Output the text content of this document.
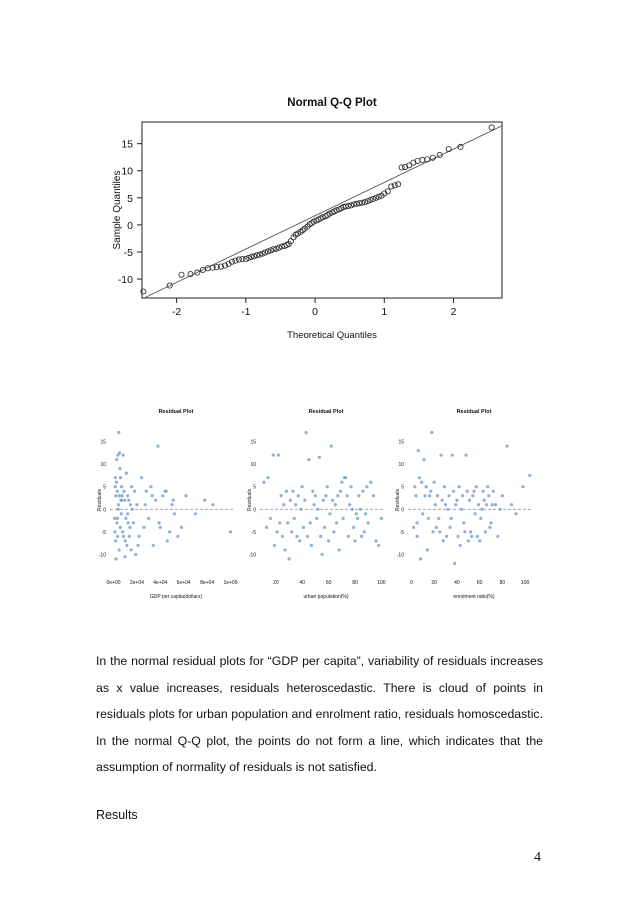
Normal Q-Q Plot
Theoretical Quantiles
Sample Quantiles
-2	-1	0	1	2
-10
-5
0
5
10
15
Residual Plot
GDP per capita(dollars)
Residuals
-10
-5
0
5
10
15
0e+00 2e+04 4e+04 6e+04 8e+04 1e+05
Residual Plot
urban population(%)
Residuals
-10
-5
0
5
10
15
20	40	60	80	100
Residual Plot
enrolment ratio(%)
Residuals
-10
-5
0
5
10
15
0	20	40	60	80	100

In the normal residual plots for “GDP per capita”, variability of residuals increases as x value increases, residuals heteroscedastic. There is cloud of points in residuals plots for urban population and enrolment ratio, residuals homoscedastic. In the normal Q-Q plot, the points do not form a line, which indicates that the assumption of normality of residuals is not satisfied.

Results
4
